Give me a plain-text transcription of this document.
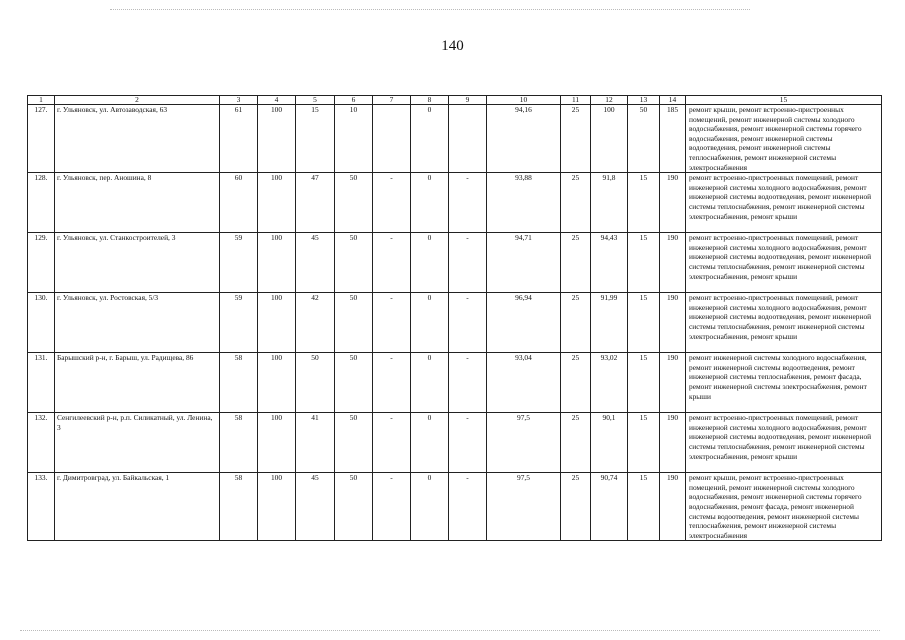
140
1	2	3	4	5	6	7	8	9	10	11	12	13	14	15
127.	г. Ульяновск, ул. Автозаводская, 63	61	100	15	10		0		94,16	25	100	50	185	ремонт крыши, ремонт встроенно-пристроенных помещений, ремонт инженерной системы холодного водоснабжения, ремонт инженерной системы горячего водоснабжения, ремонт инженерной системы водоотведения, ремонт инженерной системы теплоснабжения, ремонт инженерной системы электроснабжения
128.	г. Ульяновск, пер. Аношина, 8	60	100	47	50	-	0	-	93,88	25	91,8	15	190	ремонт встроенно-пристроенных помещений, ремонт инженерной системы холодного водоснабжения, ремонт инженерной системы водоотведения, ремонт инженерной системы теплоснабжения, ремонт инженерной системы электроснабжения, ремонт крыши
129.	г. Ульяновск, ул. Станкостроителей, 3	59	100	45	50	-	0	-	94,71	25	94,43	15	190	ремонт встроенно-пристроенных помещений, ремонт инженерной системы холодного водоснабжения, ремонт инженерной системы водоотведения, ремонт инженерной системы теплоснабжения, ремонт инженерной системы электроснабжения, ремонт крыши
130.	г. Ульяновск, ул. Ростовская, 5/3	59	100	42	50	-	0	-	96,94	25	91,99	15	190	ремонт встроенно-пристроенных помещений, ремонт инженерной системы холодного водоснабжения, ремонт инженерной системы водоотведения, ремонт инженерной системы теплоснабжения, ремонт инженерной системы электроснабжения, ремонт крыши
131.	Барышский р-н, г. Барыш, ул. Радищева, 86	58	100	50	50	-	0	-	93,04	25	93,02	15	190	ремонт инженерной системы холодного водоснабжения, ремонт инженерной системы водоотведения, ремонт инженерной системы теплоснабжения, ремонт фасада, ремонт инженерной системы электроснабжения, ремонт крыши
132.	Сенгилеевский р-н, р.п. Силикатный, ул. Ленина, 3	58	100	41	50	-	0	-	97,5	25	90,1	15	190	ремонт встроенно-пристроенных помещений, ремонт инженерной системы холодного водоснабжения, ремонт инженерной системы водоотведения, ремонт инженерной системы теплоснабжения, ремонт инженерной системы электроснабжения, ремонт крыши
133.	г. Димитровград, ул. Байкальская, 1	58	100	45	50	-	0	-	97,5	25	90,74	15	190	ремонт крыши, ремонт встроенно-пристроенных помещений, ремонт инженерной системы холодного водоснабжения, ремонт инженерной системы горячего водоснабжения, ремонт фасада, ремонт инженерной системы водоотведения, ремонт инженерной системы теплоснабжения, ремонт инженерной системы электроснабжения
